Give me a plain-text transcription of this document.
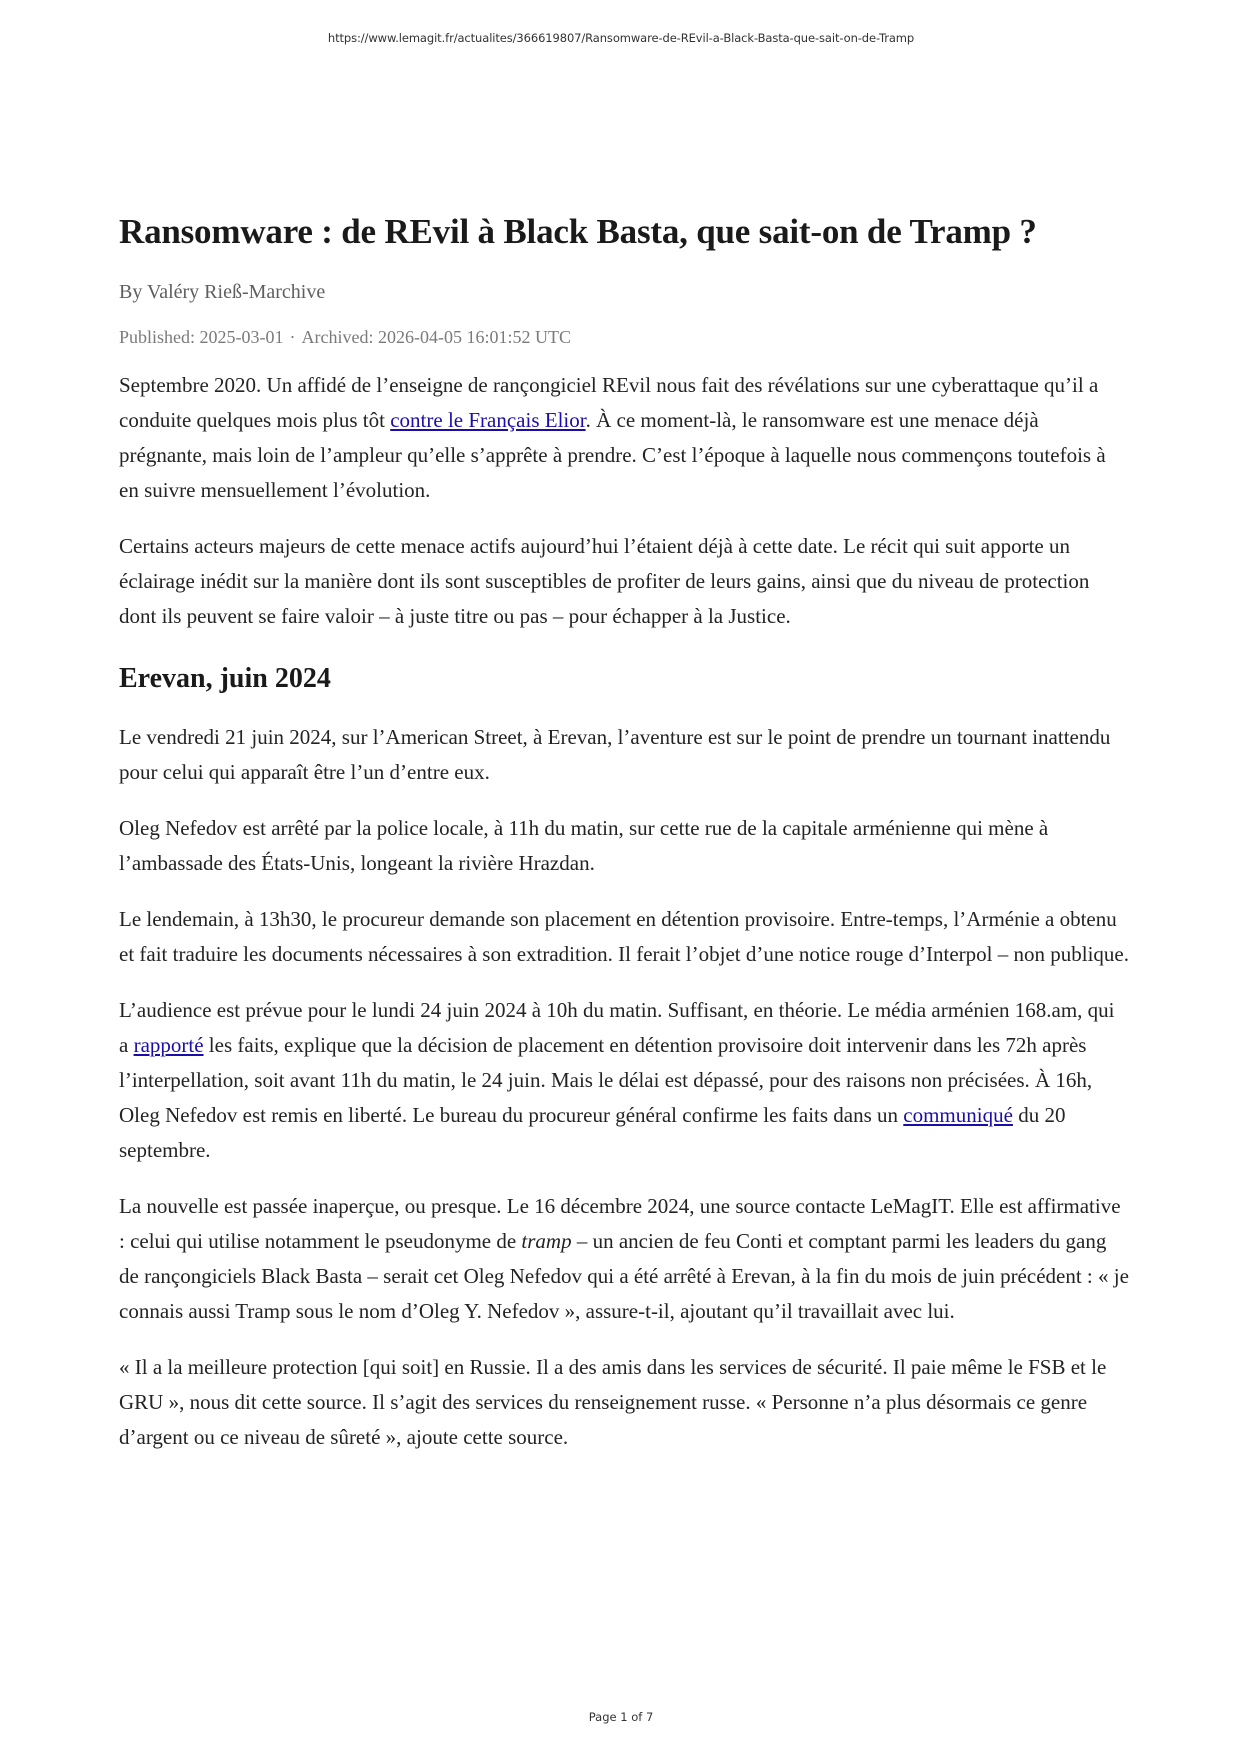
https://www.lemagit.fr/actualites/366619807/Ransomware-de-REvil-a-Black-Basta-que-sait-on-de-Tramp
Ransomware : de REvil à Black Basta, que sait-on de Tramp ?
By Valéry Rieß-Marchive
Published: 2025-03-01 · Archived: 2026-04-05 16:01:52 UTC

Septembre 2020. Un affidé de l’enseigne de rançongiciel REvil nous fait des révélations sur une cyberattaque qu’il a conduite quelques mois plus tôt contre le Français Elior. À ce moment-là, le ransomware est une menace déjà prégnante, mais loin de l’ampleur qu’elle s’apprête à prendre. C’est l’époque à laquelle nous commençons toutefois à en suivre mensuellement l’évolution.

Certains acteurs majeurs de cette menace actifs aujourd’hui l’étaient déjà à cette date. Le récit qui suit apporte un éclairage inédit sur la manière dont ils sont susceptibles de profiter de leurs gains, ainsi que du niveau de protection dont ils peuvent se faire valoir – à juste titre ou pas – pour échapper à la Justice.

Erevan, juin 2024

Le vendredi 21 juin 2024, sur l’American Street, à Erevan, l’aventure est sur le point de prendre un tournant inattendu pour celui qui apparaît être l’un d’entre eux.

Oleg Nefedov est arrêté par la police locale, à 11h du matin, sur cette rue de la capitale arménienne qui mène à l’ambassade des États-Unis, longeant la rivière Hrazdan.

Le lendemain, à 13h30, le procureur demande son placement en détention provisoire. Entre-temps, l’Arménie a obtenu et fait traduire les documents nécessaires à son extradition. Il ferait l’objet d’une notice rouge d’Interpol – non publique.

L’audience est prévue pour le lundi 24 juin 2024 à 10h du matin. Suffisant, en théorie. Le média arménien 168.am, qui a rapporté les faits, explique que la décision de placement en détention provisoire doit intervenir dans les 72h après l’interpellation, soit avant 11h du matin, le 24 juin. Mais le délai est dépassé, pour des raisons non précisées. À 16h, Oleg Nefedov est remis en liberté. Le bureau du procureur général confirme les faits dans un communiqué du 20 septembre.

La nouvelle est passée inaperçue, ou presque. Le 16 décembre 2024, une source contacte LeMagIT. Elle est affirmative : celui qui utilise notamment le pseudonyme de tramp – un ancien de feu Conti et comptant parmi les leaders du gang de rançongiciels Black Basta – serait cet Oleg Nefedov qui a été arrêté à Erevan, à la fin du mois de juin précédent : « je connais aussi Tramp sous le nom d’Oleg Y. Nefedov », assure-t-il, ajoutant qu’il travaillait avec lui.

« Il a la meilleure protection [qui soit] en Russie. Il a des amis dans les services de sécurité. Il paie même le FSB et le GRU », nous dit cette source. Il s’agit des services du renseignement russe. « Personne n’a plus désormais ce genre d’argent ou ce niveau de sûreté », ajoute cette source.

Page 1 of 7
